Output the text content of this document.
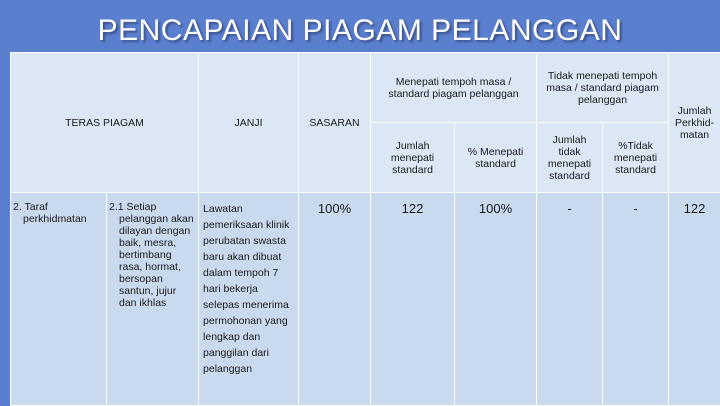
PENCAPAIAN PIAGAM PELANGGAN
TERAS PIAGAM		JANJI	SASARAN	Menepati tempoh masa / standard piagam pelanggan		Tidak menepati tempoh masa / standard piagam pelanggan		Jumlah Perkhid-matan
				Jumlah menepati standard	% Menepati standard	Jumlah tidak menepati standard	%Tidak menepati standard	
2. Taraf perkhidmatan	2.1 Setiap pelanggan akan dilayan dengan baik, mesra, bertimbang rasa, hormat, bersopan santun, jujur dan ikhlas	Lawatan pemeriksaan klinik perubatan swasta baru akan dibuat dalam tempoh 7 hari bekerja selepas menerima permohonan yang lengkap dan panggilan dari pelanggan	100%	122	100%	-	-	122
